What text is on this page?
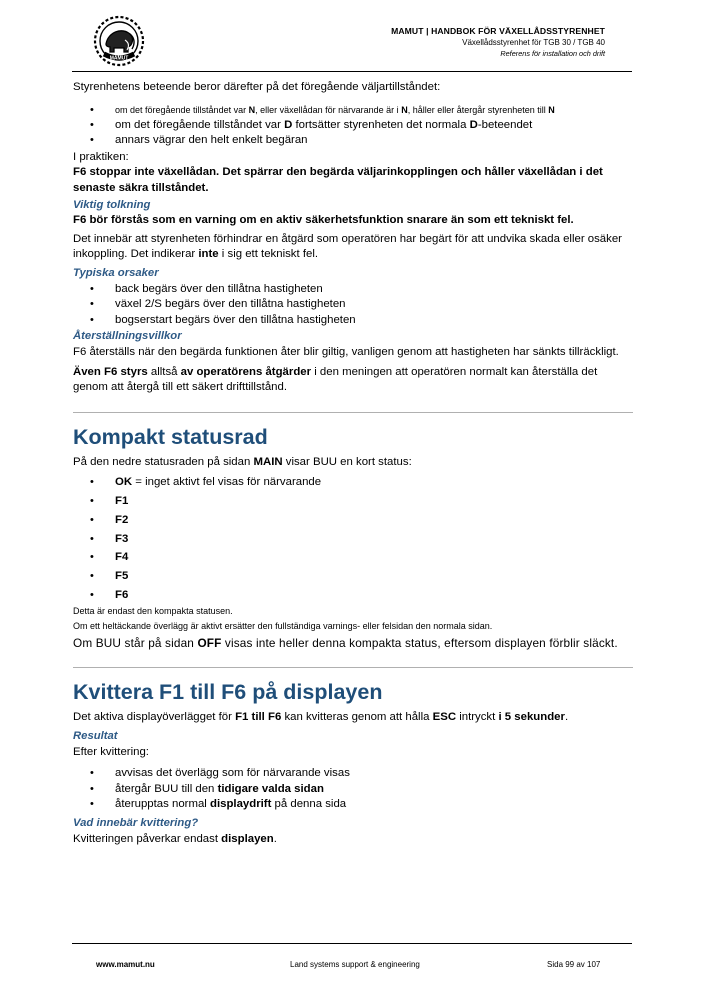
MAMUT
MAMUT | HANDBOK FÖR VÄXELLÅDSSTYRENHET
Växellådsstyrenhet för TGB 30 / TGB 40
Referens för installation och drift

Styrenhetens beteende beror därefter på det föregående väljartillståndet:

• om det föregående tillståndet var N, eller växellådan för närvarande är i N, håller eller återgår styrenheten till N
• om det föregående tillståndet var D fortsätter styrenheten det normala D-beteendet
• annars vägrar den helt enkelt begäran

I praktiken:

F6 stoppar inte växellådan. Det spärrar den begärda väljarinkopplingen och håller växellådan i det senaste säkra tillståndet.

Viktig tolkning

F6 bör förstås som en varning om en aktiv säkerhetsfunktion snarare än som ett tekniskt fel.

Det innebär att styrenheten förhindrar en åtgärd som operatören har begärt för att undvika skada eller osäker inkoppling. Det indikerar inte i sig ett tekniskt fel.

Typiska orsaker
• back begärs över den tillåtna hastigheten
• växel 2/S begärs över den tillåtna hastigheten
• bogserstart begärs över den tillåtna hastigheten
Återställningsvillkor

F6 återställs när den begärda funktionen åter blir giltig, vanligen genom att hastigheten har sänkts tillräckligt.

Även F6 styrs alltså av operatörens åtgärder i den meningen att operatören normalt kan återställa det genom att återgå till ett säkert drifttillstånd.

Kompakt statusrad

På den nedre statusraden på sidan MAIN visar BUU en kort status:

• OK = inget aktivt fel visas för närvarande
• F1
• F2
• F3
• F4
• F5
• F6

Detta är endast den kompakta statusen.

Om ett heltäckande överlägg är aktivt ersätter den fullständiga varnings- eller felsidan den normala sidan.

Om BUU står på sidan OFF visas inte heller denna kompakta status, eftersom displayen förblir släckt.

Kvittera F1 till F6 på displayen

Det aktiva displayöverlägget för F1 till F6 kan kvitteras genom att hålla ESC intryckt i 5 sekunder.

Resultat

Efter kvittering:

• avvisas det överlägg som för närvarande visas
• återgår BUU till den tidigare valda sidan
• återupptas normal displaydrift på denna sida
Vad innebär kvittering?

Kvitteringen påverkar endast displayen.

www.mamut.nu	Land systems support & engineering	Sida 99 av 107
